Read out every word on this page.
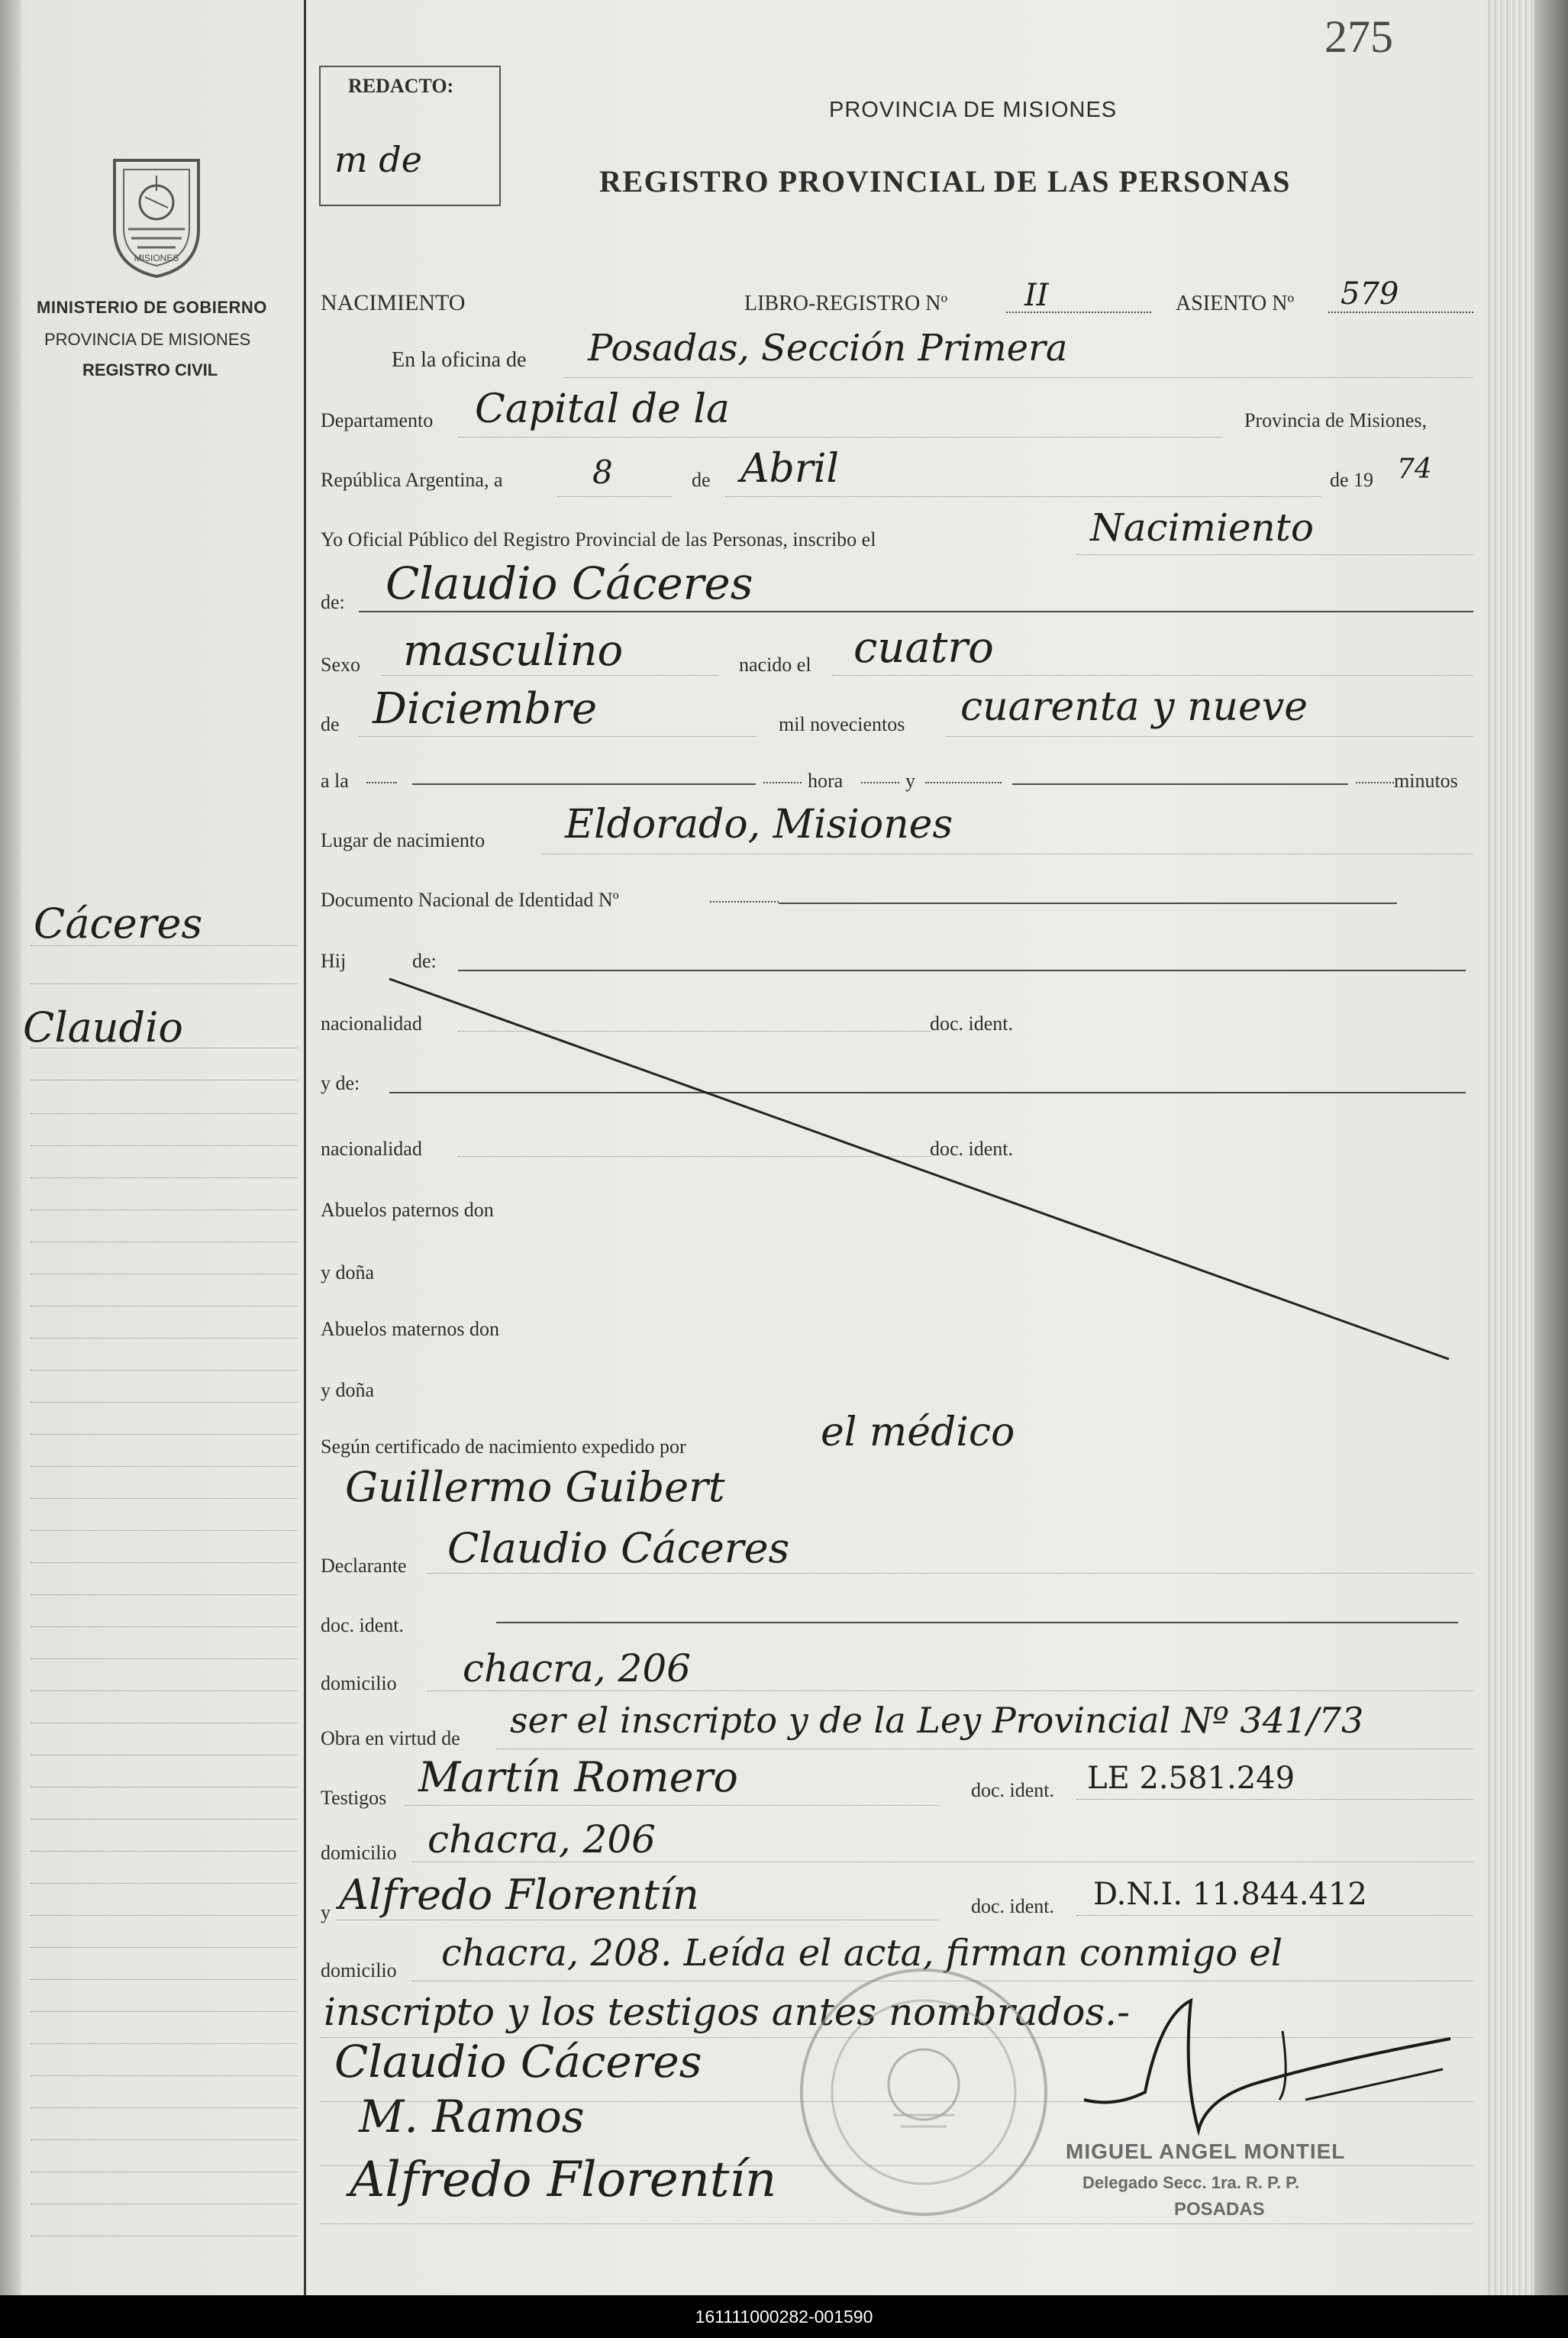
MISIONES
MINISTERIO DE GOBIERNO
PROVINCIA DE MISIONES
REGISTRO CIVIL
Cáceres
Claudio
275
REDACTO:
m de
PROVINCIA DE MISIONES
REGISTRO PROVINCIAL DE LAS PERSONAS
NACIMIENTO	LIBRO-REGISTRO Nº	II	ASIENTO Nº 579
En la oficina de Posadas, Sección Primera
Departamento Capital de la	Provincia de Misiones,
República Argentina, a	8	de Abril	de 19 74
Yo Oficial Público del Registro Provincial de las Personas, inscribo el	Nacimiento
de: Claudio Cáceres
Sexo masculino	nacido el cuatro
de Diciembre	mil novecientos cuarenta y nueve
a la	hora	y	minutos
Lugar de nacimiento Eldorado, Misiones
Documento Nacional de Identidad Nº
Hij	de:
nacionalidad	doc. ident.
y de:
nacionalidad	doc. ident.
Abuelos paternos don
y doña
Abuelos maternos don
y doña
Según certificado de nacimiento expedido por	el médico
Guillermo Guibert
Declarante Claudio Cáceres
doc. ident.
domicilio chacra, 206
Obra en virtud de ser el inscripto y de la Ley Provincial Nº 341/73
Testigos Martín Romero	doc. ident. LE 2.581.249
domicilio chacra, 206
y Alfredo Florentín	doc. ident. D.N.I. 11.844.412
domicilio chacra, 208. Leída el acta, firman conmigo el
inscripto y los testigos antes nombrados.-
Claudio Cáceres
M. Ramos
Alfredo Florentín
MIGUEL ANGEL MONTIEL
Delegado Secc. 1ra. R. P. P.
POSADAS
161111000282-001590
